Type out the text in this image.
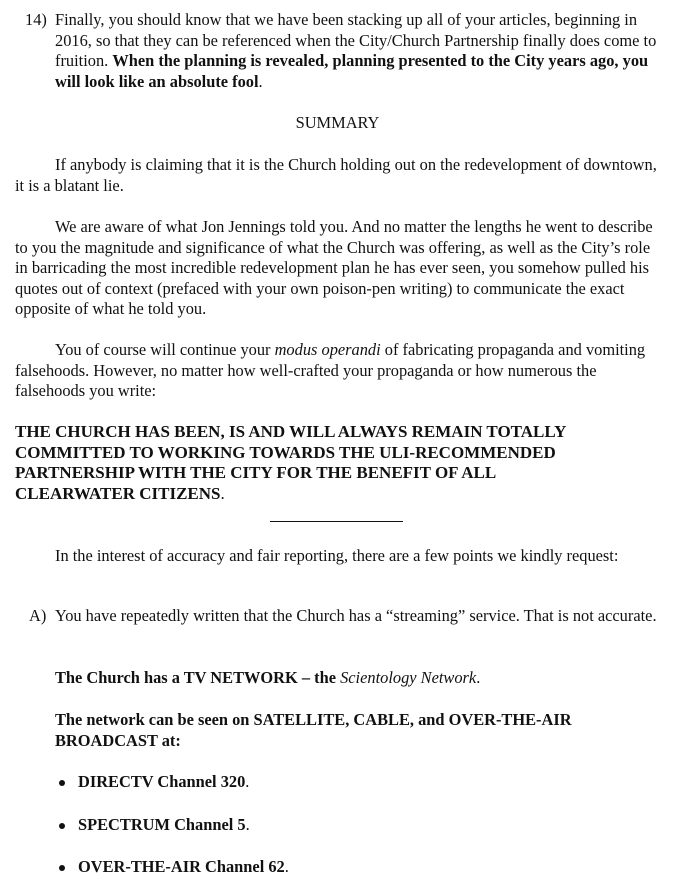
14) Finally, you should know that we have been stacking up all of your articles, beginning in 2016, so that they can be referenced when the City/Church Partnership finally does come to fruition. When the planning is revealed, planning presented to the City years ago, you will look like an absolute fool.

SUMMARY

If anybody is claiming that it is the Church holding out on the redevelopment of downtown, it is a blatant lie.

We are aware of what Jon Jennings told you. And no matter the lengths he went to describe to you the magnitude and significance of what the Church was offering, as well as the City’s role in barricading the most incredible redevelopment plan he has ever seen, you somehow pulled his quotes out of context (prefaced with your own poison-pen writing) to communicate the exact opposite of what he told you.

You of course will continue your modus operandi of fabricating propaganda and vomiting falsehoods. However, no matter how well-crafted your propaganda or how numerous the falsehoods you write:

THE CHURCH HAS BEEN, IS AND WILL ALWAYS REMAIN TOTALLY
COMMITTED TO WORKING TOWARDS THE ULI-RECOMMENDED
PARTNERSHIP WITH THE CITY FOR THE BENEFIT OF ALL
CLEARWATER CITIZENS.

In the interest of accuracy and fair reporting, there are a few points we kindly request:

A) You have repeatedly written that the Church has a “streaming” service. That is not accurate.

The Church has a TV NETWORK – the Scientology Network.

The network can be seen on SATELLITE, CABLE, and OVER-THE-AIR
BROADCAST at:
DIRECTV Channel 320.
SPECTRUM Channel 5.
OVER-THE-AIR Channel 62.
